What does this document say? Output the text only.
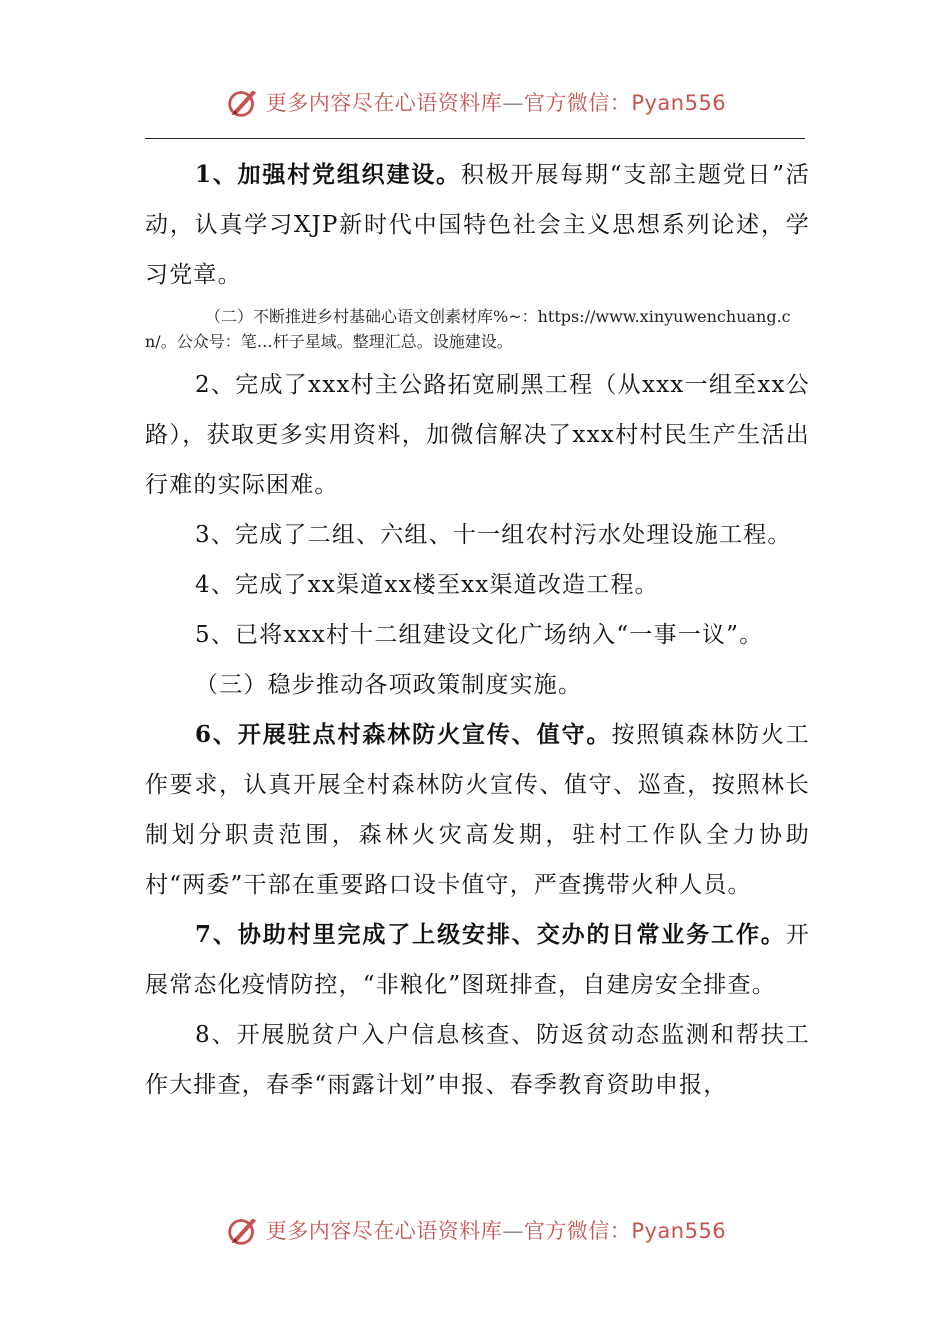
更多内容尽在心语资料库—官方微信：Pyan556

1、加强村党组织建设。积极开展每期“支部主题党日”活动，认真学习XJP新时代中国特色社会主义思想系列论述，学习党章。

（二）不断推进乡村基础心语文创素材库%~：https://www.xinyuwenchuang.cn/。公众号：笔…杆子星域。整理汇总。设施建设。

2、完成了xxx村主公路拓宽刷黑工程（从xxx一组至xx公路），获取更多实用资料，加微信解决了xxx村村民生产生活出行难的实际困难。

3、完成了二组、六组、十一组农村污水处理设施工程。

4、完成了xx渠道xx楼至xx渠道改造工程。

5、已将xxx村十二组建设文化广场纳入“一事一议”。

（三）稳步推动各项政策制度实施。

6、开展驻点村森林防火宣传、值守。按照镇森林防火工作要求，认真开展全村森林防火宣传、值守、巡查，按照林长制划分职责范围，森林火灾高发期，驻村工作队全力协助村“两委”干部在重要路口设卡值守，严查携带火种人员。

7、协助村里完成了上级安排、交办的日常业务工作。开展常态化疫情防控，“非粮化”图斑排查，自建房安全排查。

8、开展脱贫户入户信息核查、防返贫动态监测和帮扶工作大排查，春季“雨露计划”申报、春季教育资助申报，

更多内容尽在心语资料库—官方微信：Pyan556
